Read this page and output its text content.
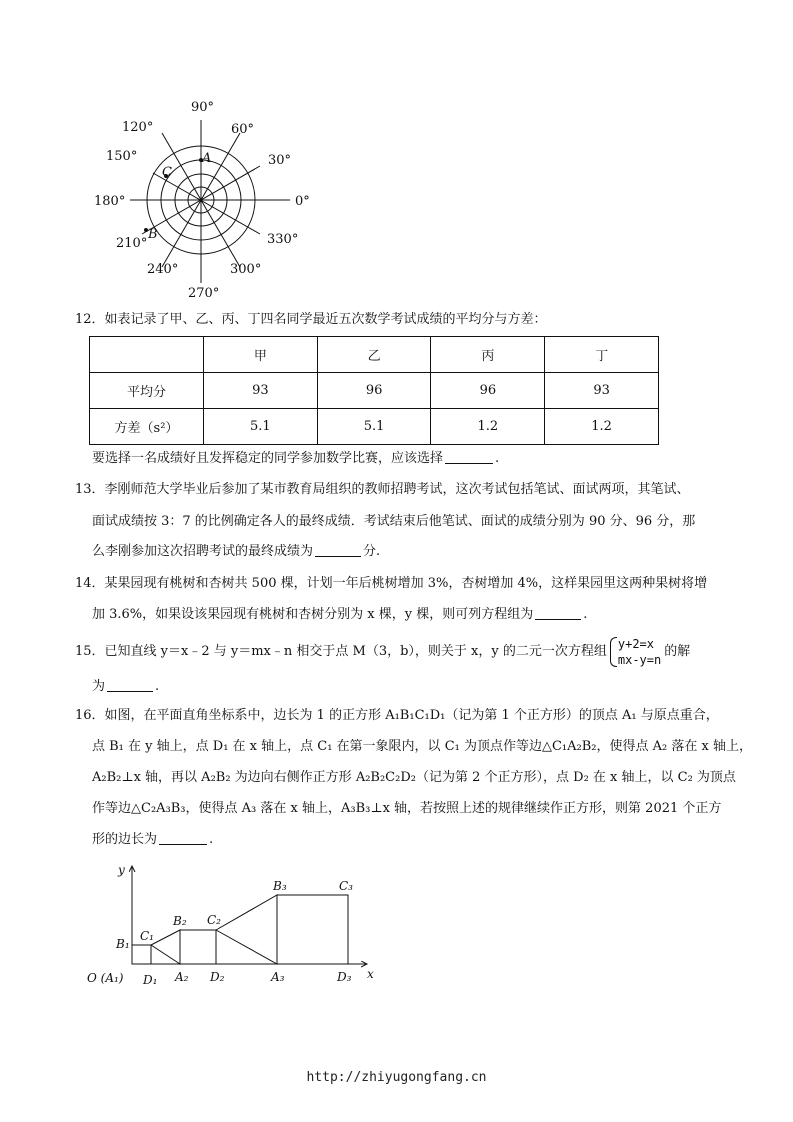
90°
60°
30°
0°
330°
300°
270°
240°
210°
180°
150°
120°
A
B
C
12．如表记录了甲、乙、丙、丁四名同学最近五次数学考试成绩的平均分与方差：
	甲	乙	丙	丁
平均分	93	96	96	93
方差（s²）	5.1	5.1	1.2	1.2
要选择一名成绩好且发挥稳定的同学参加数学比赛，应该选择	.
13．李刚师范大学毕业后参加了某市教育局组织的教师招聘考试，这次考试包括笔试、面试两项，其笔试、
面试成绩按 3：7 的比例确定各人的最终成绩．考试结束后他笔试、面试的成绩分别为 90 分、96 分，那
么李刚参加这次招聘考试的最终成绩为	分.
14．某果园现有桃树和杏树共 500 棵，计划一年后桃树增加 3%，杏树增加 4%，这样果园里这两种果树将增
加 3.6%，如果设该果园现有桃树和杏树分别为 x 棵，y 棵，则可列方程组为	.
15．已知直线 y＝x﹣2 与 y＝mx﹣n 相交于点 M（3，b），则关于 x，y 的二元一次方程组
y+2=x
mx-y=n
的解
为	.
16．如图，在平面直角坐标系中，边长为 1 的正方形 A₁B₁C₁D₁（记为第 1 个正方形）的顶点 A₁ 与原点重合，
点 B₁ 在 y 轴上，点 D₁ 在 x 轴上，点 C₁ 在第一象限内，以 C₁ 为顶点作等边△C₁A₂B₂，使得点 A₂ 落在 x 轴上，
A₂B₂⊥x 轴，再以 A₂B₂ 为边向右侧作正方形 A₂B₂C₂D₂（记为第 2 个正方形），点 D₂ 在 x 轴上，以 C₂ 为顶点
作等边△C₂A₃B₃，使得点 A₃ 落在 x 轴上，A₃B₃⊥x 轴，若按照上述的规律继续作正方形，则第 2021 个正方
形的边长为	.
y
x
O (A₁)
B₁
C₁
D₁
B₂ C₂
A₂ D₂
B₃	C₃
A₃	D₃
http://zhiyugongfang.cn
